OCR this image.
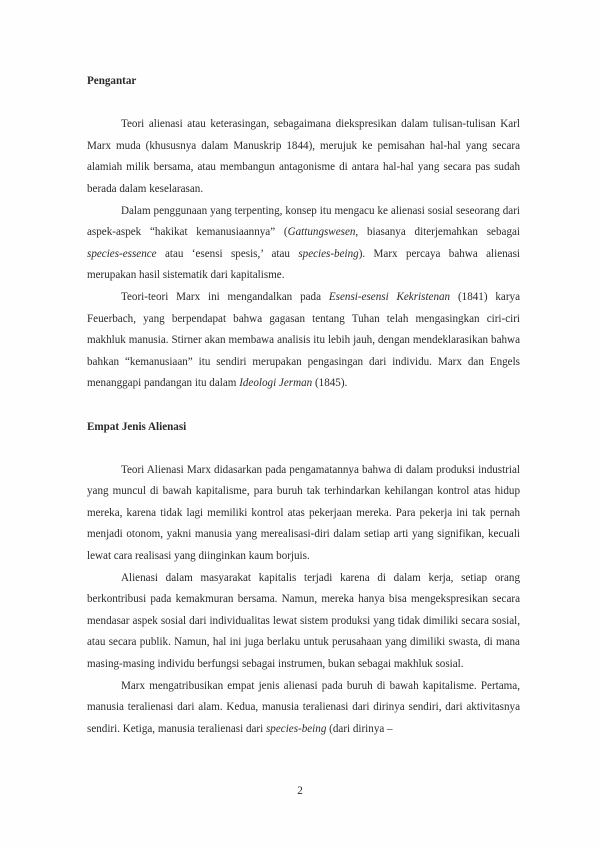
Pengantar

Teori alienasi atau keterasingan, sebagaimana diekspresikan dalam tulisan-tulisan Karl Marx muda (khususnya dalam Manuskrip 1844), merujuk ke pemisahan hal-hal yang secara alamiah milik bersama, atau membangun antagonisme di antara hal-hal yang secara pas sudah berada dalam keselarasan.

Dalam penggunaan yang terpenting, konsep itu mengacu ke alienasi sosial seseorang dari aspek-aspek “hakikat kemanusiaannya” (Gattungswesen, biasanya diterjemahkan sebagai species-essence atau ‘esensi spesis,’ atau species-being). Marx percaya bahwa alienasi merupakan hasil sistematik dari kapitalisme.

Teori-teori Marx ini mengandalkan pada Esensi-esensi Kekristenan (1841) karya Feuerbach, yang berpendapat bahwa gagasan tentang Tuhan telah mengasingkan ciri-ciri makhluk manusia. Stirner akan membawa analisis itu lebih jauh, dengan mendeklarasikan bahwa bahkan “kemanusiaan” itu sendiri merupakan pengasingan dari individu. Marx dan Engels menanggapi pandangan itu dalam Ideologi Jerman (1845).

Empat Jenis Alienasi

Teori Alienasi Marx didasarkan pada pengamatannya bahwa di dalam produksi industrial yang muncul di bawah kapitalisme, para buruh tak terhindarkan kehilangan kontrol atas hidup mereka, karena tidak lagi memiliki kontrol atas pekerjaan mereka. Para pekerja ini tak pernah menjadi otonom, yakni manusia yang merealisasi-diri dalam setiap arti yang signifikan, kecuali lewat cara realisasi yang diinginkan kaum borjuis.

Alienasi dalam masyarakat kapitalis terjadi karena di dalam kerja, setiap orang berkontribusi pada kemakmuran bersama. Namun, mereka hanya bisa mengekspresikan secara mendasar aspek sosial dari individualitas lewat sistem produksi yang tidak dimiliki secara sosial, atau secara publik. Namun, hal ini juga berlaku untuk perusahaan yang dimiliki swasta, di mana masing-masing individu berfungsi sebagai instrumen, bukan sebagai makhluk sosial.

Marx mengatribusikan empat jenis alienasi pada buruh di bawah kapitalisme. Pertama, manusia teralienasi dari alam. Kedua, manusia teralienasi dari dirinya sendiri, dari aktivitasnya sendiri. Ketiga, manusia teralienasi dari species-being (dari dirinya –

2
